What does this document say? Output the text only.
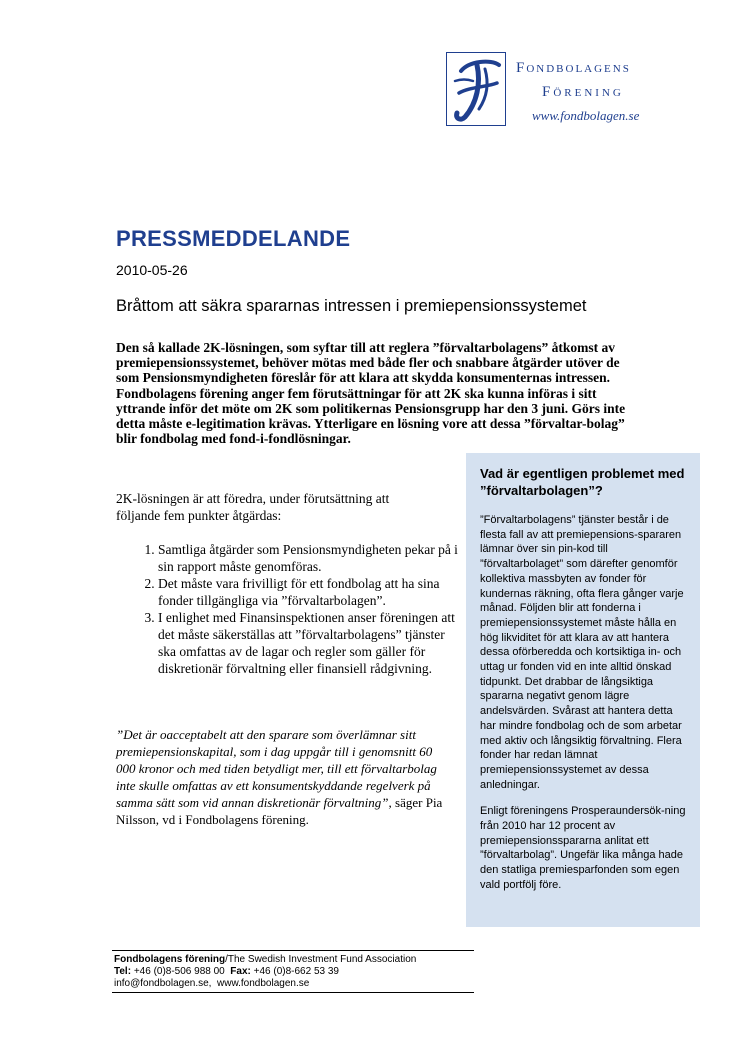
Fondbolagens
Förening
www.fondbolagen.se
PRESSMEDDELANDE
2010-05-26
Bråttom att säkra spararnas intressen i premiepensionssystemet

Den så kallade 2K-lösningen, som syftar till att reglera ”förvaltarbolagens” åtkomst av premiepensionssystemet, behöver mötas med både fler och snabbare åtgärder utöver de som Pensionsmyndigheten föreslår för att klara att skydda konsumenternas intressen. Fondbolagens förening anger fem förutsättningar för att 2K ska kunna införas i sitt yttrande inför det möte om 2K som politikernas Pensionsgrupp har den 3 juni. Görs inte detta måste e-legitimation krävas. Ytterligare en lösning vore att dessa ”förvaltar-bolag” blir fondbolag med fond-i-fondlösningar.

2K-lösningen är att föredra, under förutsättning att följande fem punkter åtgärdas:
1. Samtliga åtgärder som Pensionsmyndigheten pekar på i sin rapport måste genomföras.
2. Det måste vara frivilligt för ett fondbolag att ha sina fonder tillgängliga via ”förvaltarbolagen”.
3. I enlighet med Finansinspektionen anser föreningen att det måste säkerställas att ”förvaltarbolagens” tjänster ska omfattas av de lagar och regler som gäller för diskretionär förvaltning eller finansiell rådgivning.
”Det är oacceptabelt att den sparare som överlämnar sitt premiepensionskapital, som i dag uppgår till i genomsnitt 60 000 kronor och med tiden betydligt mer, till ett förvaltarbolag inte skulle omfattas av ett konsumentskyddande regelverk på samma sätt som vid annan diskretionär förvaltning”, säger Pia Nilsson, vd i Fondbolagens förening.
Vad är egentligen problemet med ”förvaltarbolagen”?

”Förvaltarbolagens” tjänster består i de flesta fall av att premiepensions-spararen lämnar över sin pin-kod till ”förvaltarbolaget” som därefter genomför kollektiva massbyten av fonder för kundernas räkning, ofta flera gånger varje månad. Följden blir att fonderna i premiepensionssystemet måste hålla en hög likviditet för att klara av att hantera dessa oförberedda och kortsiktiga in- och uttag ur fonden vid en inte alltid önskad tidpunkt. Det drabbar de långsiktiga spararna negativt genom lägre andelsvärden. Svårast att hantera detta har mindre fondbolag och de som arbetar med aktiv och långsiktig förvaltning. Flera fonder har redan lämnat premiepensionssystemet av dessa anledningar.

Enligt föreningens Prosperaundersök-ning från 2010 har 12 procent av premiepensionsspararna anlitat ett ”förvaltarbolag”. Ungefär lika många hade den statliga premiesparfonden som egen vald portfölj före.

Fondbolagens förening/The Swedish Investment Fund Association
Tel: +46 (0)8-506 988 00 Fax: +46 (0)8-662 53 39
info@fondbolagen.se,  www.fondbolagen.se
